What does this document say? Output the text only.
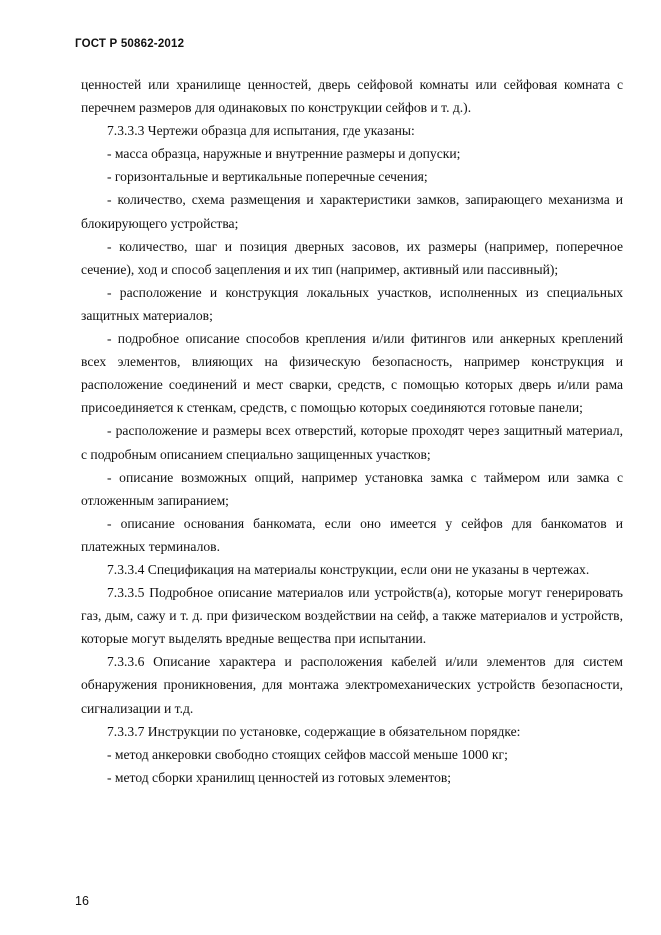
ГОСТ Р 50862-2012

ценностей или хранилище ценностей, дверь сейфовой комнаты или сейфовая комната с перечнем размеров для одинаковых по конструкции сейфов и т. д.).

7.3.3.3 Чертежи образца для испытания, где указаны:

- масса образца, наружные и внутренние размеры и допуски;

- горизонтальные и вертикальные поперечные сечения;

- количество, схема размещения и характеристики замков, запирающего механизма и блокирующего устройства;

- количество, шаг и позиция дверных засовов, их размеры (например, поперечное сечение), ход и способ зацепления и их тип (например, активный или пассивный);

- расположение и конструкция локальных участков, исполненных из специальных защитных материалов;

- подробное описание способов крепления и/или фитингов или анкерных креплений всех элементов, влияющих на физическую безопасность, например конструкция и расположение соединений и мест сварки, средств, с помощью которых дверь и/или рама присоединяется к стенкам, средств, с помощью которых соединяются готовые панели;

- расположение и размеры всех отверстий, которые проходят через защитный материал, с подробным описанием специально защищенных участков;

- описание возможных опций, например установка замка с таймером или замка с отложенным запиранием;

- описание основания банкомата, если оно имеется у сейфов для банкоматов и платежных терминалов.

7.3.3.4 Спецификация на материалы конструкции, если они не указаны в чертежах.

7.3.3.5 Подробное описание материалов или устройств(а), которые могут генерировать газ, дым, сажу и т. д. при физическом воздействии на сейф, а также материалов и устройств, которые могут выделять вредные вещества при испытании.

7.3.3.6 Описание характера и расположения кабелей и/или элементов для систем обнаружения проникновения, для монтажа электромеханических устройств безопасности, сигнализации и т.д.

7.3.3.7 Инструкции по установке, содержащие в обязательном порядке:

- метод анкеровки свободно стоящих сейфов массой меньше 1000 кг;

- метод сборки хранилищ ценностей из готовых элементов;

16
